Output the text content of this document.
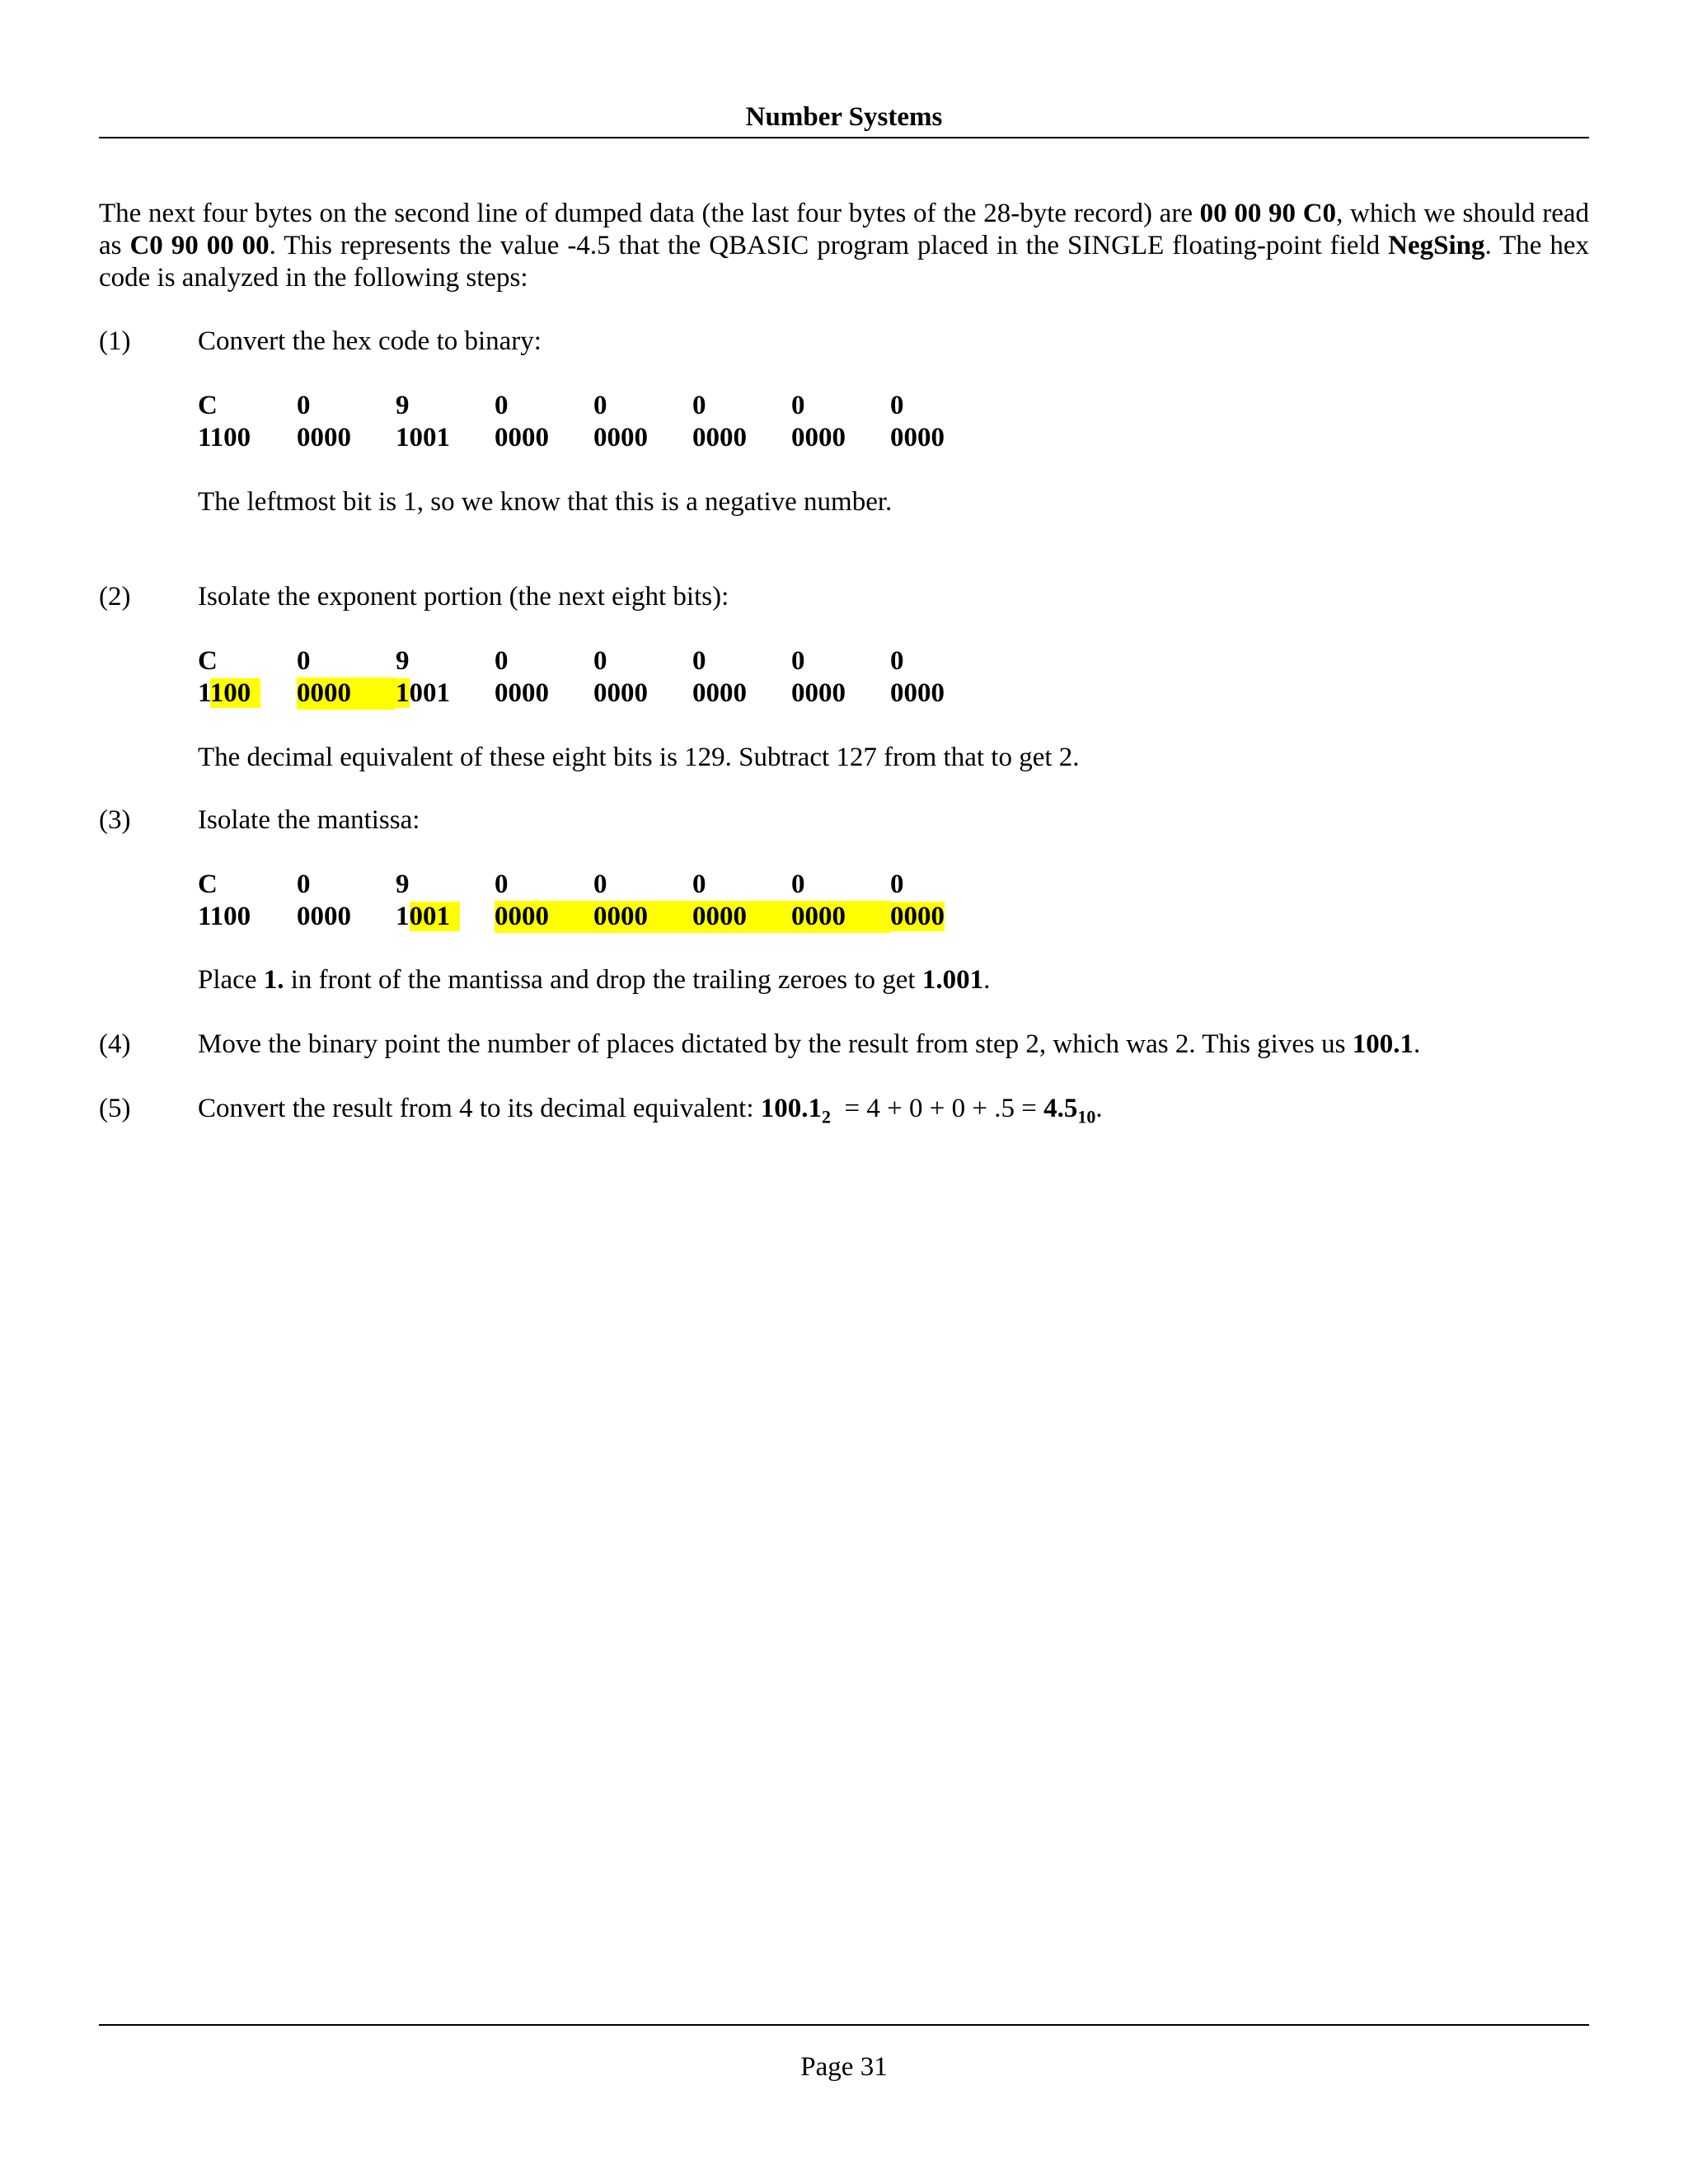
Number Systems
The next four bytes on the second line of dumped data (the last four bytes of the 28-byte record) are 00 00 90 C0, which we should read as C0 90 00 00. This represents the value -4.5 that the QBASIC program placed in the SINGLE floating-point field NegSing. The hex code is analyzed in the following steps:
(1) Convert the hex code to binary:
C	0	9	0	0	0	0	0
1100	0000	1001	0000	0000	0000	0000	0000
The leftmost bit is 1, so we know that this is a negative number.
(2) Isolate the exponent portion (the next eight bits):
C	0	9	0	0	0	0	0
1100	0000	1001	0000	0000	0000	0000	0000
The decimal equivalent of these eight bits is 129. Subtract 127 from that to get 2.
(3) Isolate the mantissa:
C	0	9	0	0	0	0	0
1100	0000	1001	0000	0000	0000	0000	0000
Place 1. in front of the mantissa and drop the trailing zeroes to get 1.001.
(4) Move the binary point the number of places dictated by the result from step 2, which was 2. This gives us 100.1.
(5) Convert the result from 4 to its decimal equivalent: $100.1_2 = 4 + 0 + 0 + .5 = 4.5_{10}$.
Page 31
